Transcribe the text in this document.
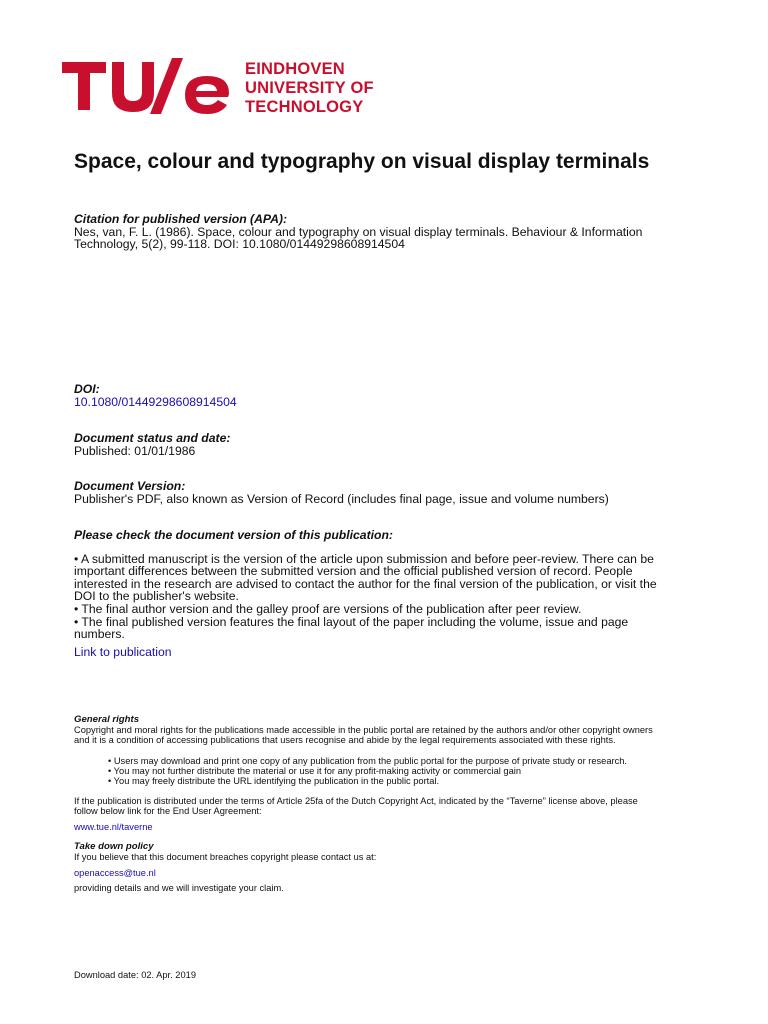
EINDHOVEN
UNIVERSITY OF
TECHNOLOGY
Space, colour and typography on visual display terminals
Citation for published version (APA):
Nes, van, F. L. (1986). Space, colour and typography on visual display terminals. Behaviour & Information
Technology, 5(2), 99-118. DOI: 10.1080/01449298608914504
DOI:
10.1080/01449298608914504
Document status and date:
Published: 01/01/1986
Document Version:
Publisher's PDF, also known as Version of Record (includes final page, issue and volume numbers)
Please check the document version of this publication:
• A submitted manuscript is the version of the article upon submission and before peer-review. There can be
important differences between the submitted version and the official published version of record. People
interested in the research are advised to contact the author for the final version of the publication, or visit the
DOI to the publisher's website.
• The final author version and the galley proof are versions of the publication after peer review.
• The final published version features the final layout of the paper including the volume, issue and page
numbers.
Link to publication
General rights
Copyright and moral rights for the publications made accessible in the public portal are retained by the authors and/or other copyright owners
and it is a condition of accessing publications that users recognise and abide by the legal requirements associated with these rights.
• Users may download and print one copy of any publication from the public portal for the purpose of private study or research.
• You may not further distribute the material or use it for any profit-making activity or commercial gain
• You may freely distribute the URL identifying the publication in the public portal.
If the publication is distributed under the terms of Article 25fa of the Dutch Copyright Act, indicated by the “Taverne” license above, please
follow below link for the End User Agreement:
www.tue.nl/taverne
Take down policy
If you believe that this document breaches copyright please contact us at:
openaccess@tue.nl
providing details and we will investigate your claim.
Download date: 02. Apr. 2019
